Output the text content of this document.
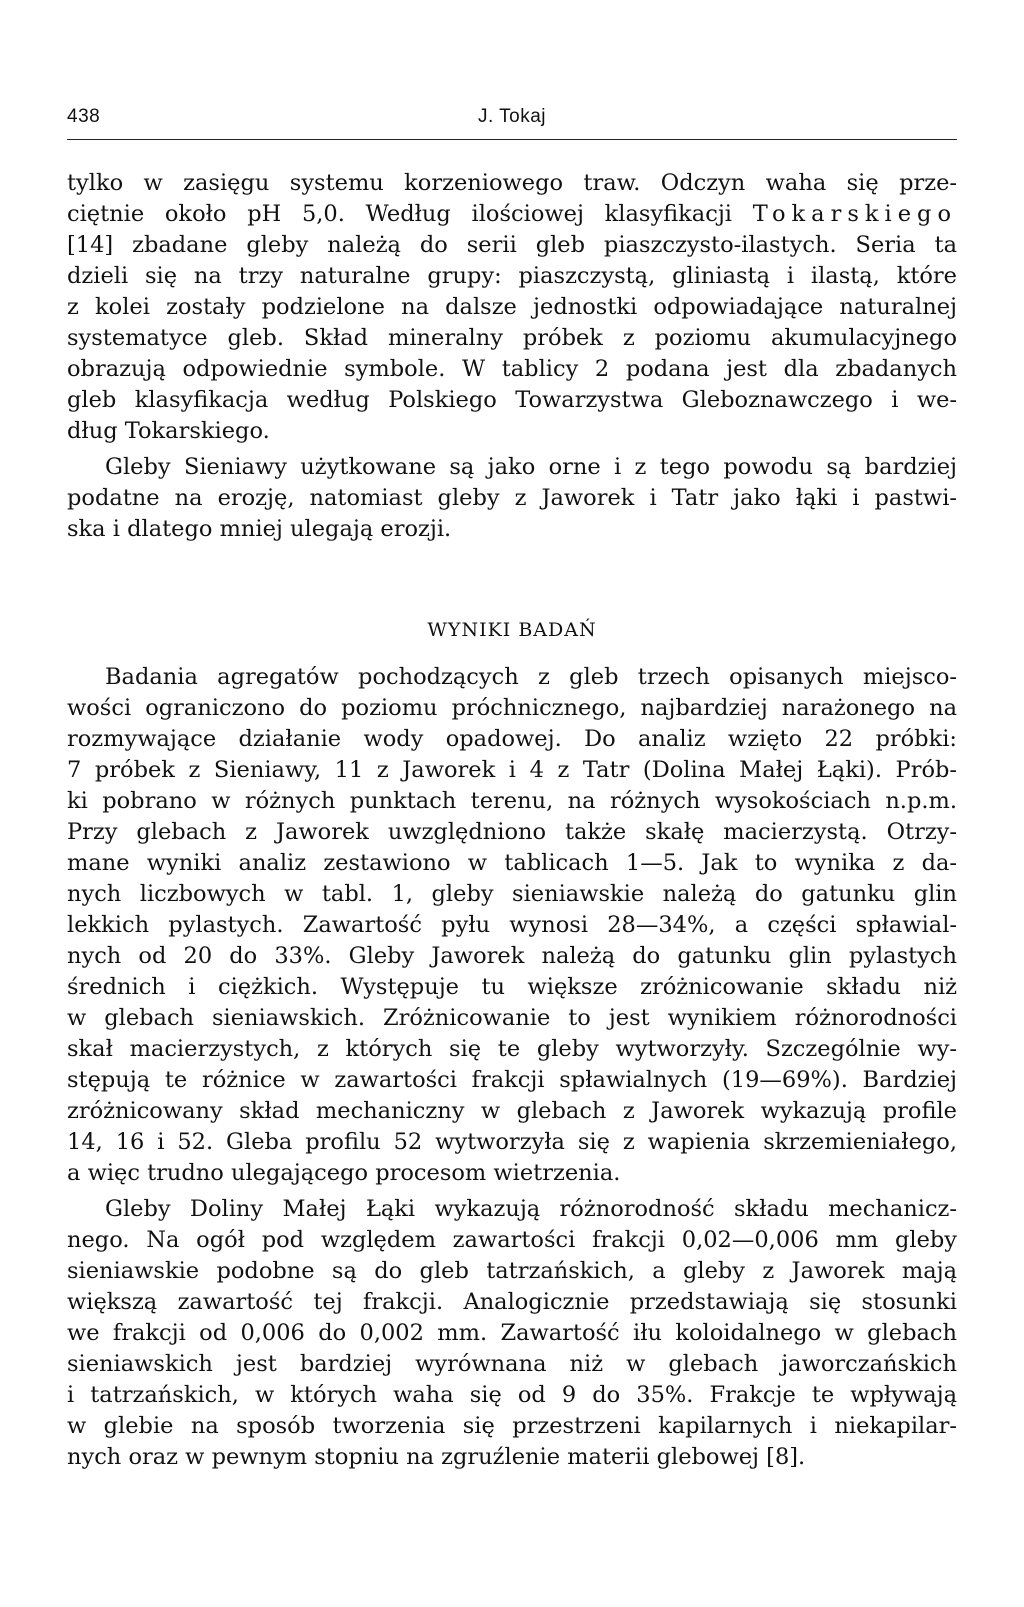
438	J. Tokaj
tylko w zasięgu systemu korzeniowego traw. Odczyn waha się prze-
ciętnie około pH 5,0. Według ilościowej klasyfikacji Tokarskiego
[14] zbadane gleby należą do serii gleb piaszczysto-ilastych. Seria ta
dzieli się na trzy naturalne grupy: piaszczystą, gliniastą i ilastą, które
z kolei zostały podzielone na dalsze jednostki odpowiadające naturalnej
systematyce gleb. Skład mineralny próbek z poziomu akumulacyjnego
obrazują odpowiednie symbole. W tablicy 2 podana jest dla zbadanych
gleb klasyfikacja według Polskiego Towarzystwa Gleboznawczego i we-
dług Tokarskiego.
Gleby Sieniawy użytkowane są jako orne i z tego powodu są bardziej
podatne na erozję, natomiast gleby z Jaworek i Tatr jako łąki i pastwi-
ska i dlatego mniej ulegają erozji.
WYNIKI BADAŃ
Badania agregatów pochodzących z gleb trzech opisanych miejsco-
wości ograniczono do poziomu próchnicznego, najbardziej narażonego na
rozmywające działanie wody opadowej. Do analiz wzięto 22 próbki:
7 próbek z Sieniawy, 11 z Jaworek i 4 z Tatr (Dolina Małej Łąki). Prób-
ki pobrano w różnych punktach terenu, na różnych wysokościach n.p.m.
Przy glebach z Jaworek uwzględniono także skałę macierzystą. Otrzy-
mane wyniki analiz zestawiono w tablicach 1—5. Jak to wynika z da-
nych liczbowych w tabl. 1, gleby sieniawskie należą do gatunku glin
lekkich pylastych. Zawartość pyłu wynosi 28—34%, a części spławial-
nych od 20 do 33%. Gleby Jaworek należą do gatunku glin pylastych
średnich i ciężkich. Występuje tu większe zróżnicowanie składu niż
w glebach sieniawskich. Zróżnicowanie to jest wynikiem różnorodności
skał macierzystych, z których się te gleby wytworzyły. Szczególnie wy-
stępują te różnice w zawartości frakcji spławialnych (19—69%). Bardziej
zróżnicowany skład mechaniczny w glebach z Jaworek wykazują profile
14, 16 i 52. Gleba profilu 52 wytworzyła się z wapienia skrzemieniałego,
a więc trudno ulegającego procesom wietrzenia.
Gleby Doliny Małej Łąki wykazują różnorodność składu mechanicz-
nego. Na ogół pod względem zawartości frakcji 0,02—0,006 mm gleby
sieniawskie podobne są do gleb tatrzańskich, a gleby z Jaworek mają
większą zawartość tej frakcji. Analogicznie przedstawiają się stosunki
we frakcji od 0,006 do 0,002 mm. Zawartość iłu koloidalnego w glebach
sieniawskich jest bardziej wyrównana niż w glebach jaworczańskich
i tatrzańskich, w których waha się od 9 do 35%. Frakcje te wpływają
w glebie na sposób tworzenia się przestrzeni kapilarnych i niekapilar-
nych oraz w pewnym stopniu na zgruźlenie materii glebowej [8].
